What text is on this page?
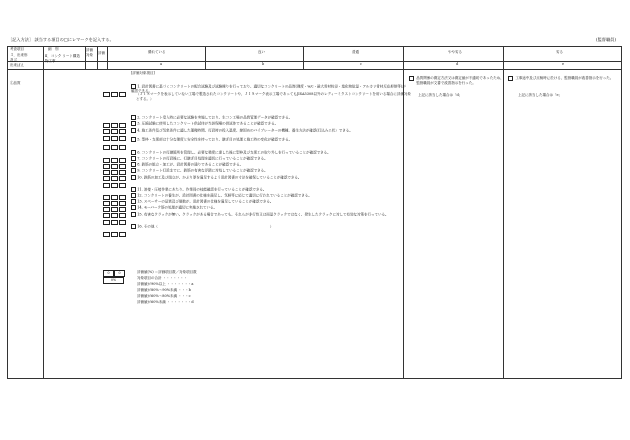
［記入方法］ 該当する項目の□にレマークを記入する。	(監督職員)

考査項目
３．出来形
及び
出来ばえ
細　別
Ⅱ．コンク リート構造物工事
評価対象	評価	優れている	良い	普通	やや劣る	劣る
a	b	c	d	e
①品質
[評価対象項目]
1. 設計図書に基づくコンクリートの配合試験及び試験練りを行っており、適切なコンクリートの品質(強度・w/c・最大骨材粒径・塩化物総量・アルカリ骨材反応抑制等)が確認できる。
（ＪＩＳマークを表示していない工場で製造されたコンクリートや、ＪＩＳマーク表示工場であってもJISA5308以外のレディーミクストコンクリートを用いる場合に評価対象とする。）
2. コンクリート受入時に必要な試験を実施しており、生コン工場の品質管理データが確認できる。
3. 圧縮試験に使用したコンクリート供試体が当該現場の供試体であることが確認できる。
4. 施工条件及び気象条件に適した運搬時間、打設時の投入温度、締固めのバイブレーターの機種、養生方法が確認(打込みエ状）できる。
5. 型枠・支保部は十分な強度と安全性を持っており、継ぎ目の処理と施工時の変化が確認できる。
6. コンクリートの打継箇所を管理し、必要な強度に達した後に型枠及び支保工の取り外しを行っていることが確認できる。
7. コンクリートの打設後に、打継ぎ目処理を適切に行っていることが確認できる。
8. 鉄筋の組立・加工が、設計図書の通りであることが確認できる。
9. コンクリート打設までに、鉄筋の有害な浮錆に対処していることが確認できる。
10. 鉄筋の加工及び組立が、かぶり厚を満足するよう設計図書の寸法を確保していることが確認できる。
11. 溶接・圧接作業にあたり、作業員の技能確認を行っていることが確認できる。
12. コンクリートの養生が、設計図書の仕様を満足し、気候等に応じて適切に行われていることが確認できる。
13. スペーサーの品質及び個数が、設計図書の仕様を満足していることが確認できる。
14. モーバーク筋の処理が適切に実施されている。
15. 有害なクラックが無い。クラックがある場合であっても、それらが非行性又は雨量クラックではなく、発生したクラックに対して有効な対策を行っている。
16. その他（　　　　　　　　　　　　　　　　　　　　　　　　　　　　　　　　）
0	0
0%
評価値(%) ＝評価項目数／対象項目数
対象項目の合計 ・・・・・・・
評価値が90%以上 ・・・・・・・a
評価値が80%～90%未満 ・・・b
評価値が60%～80%未満 ・・・c
評価値が60%未満 ・・・・・・・d
品質関係の測定方法又は測定値が不適切であったため、監督職員が文書で改善指示を行った。
上記に該当した場合は「d」
工事途中及び点検時に於ける、監督職員が改善指示を行った。
上記に該当した場合は「e」
